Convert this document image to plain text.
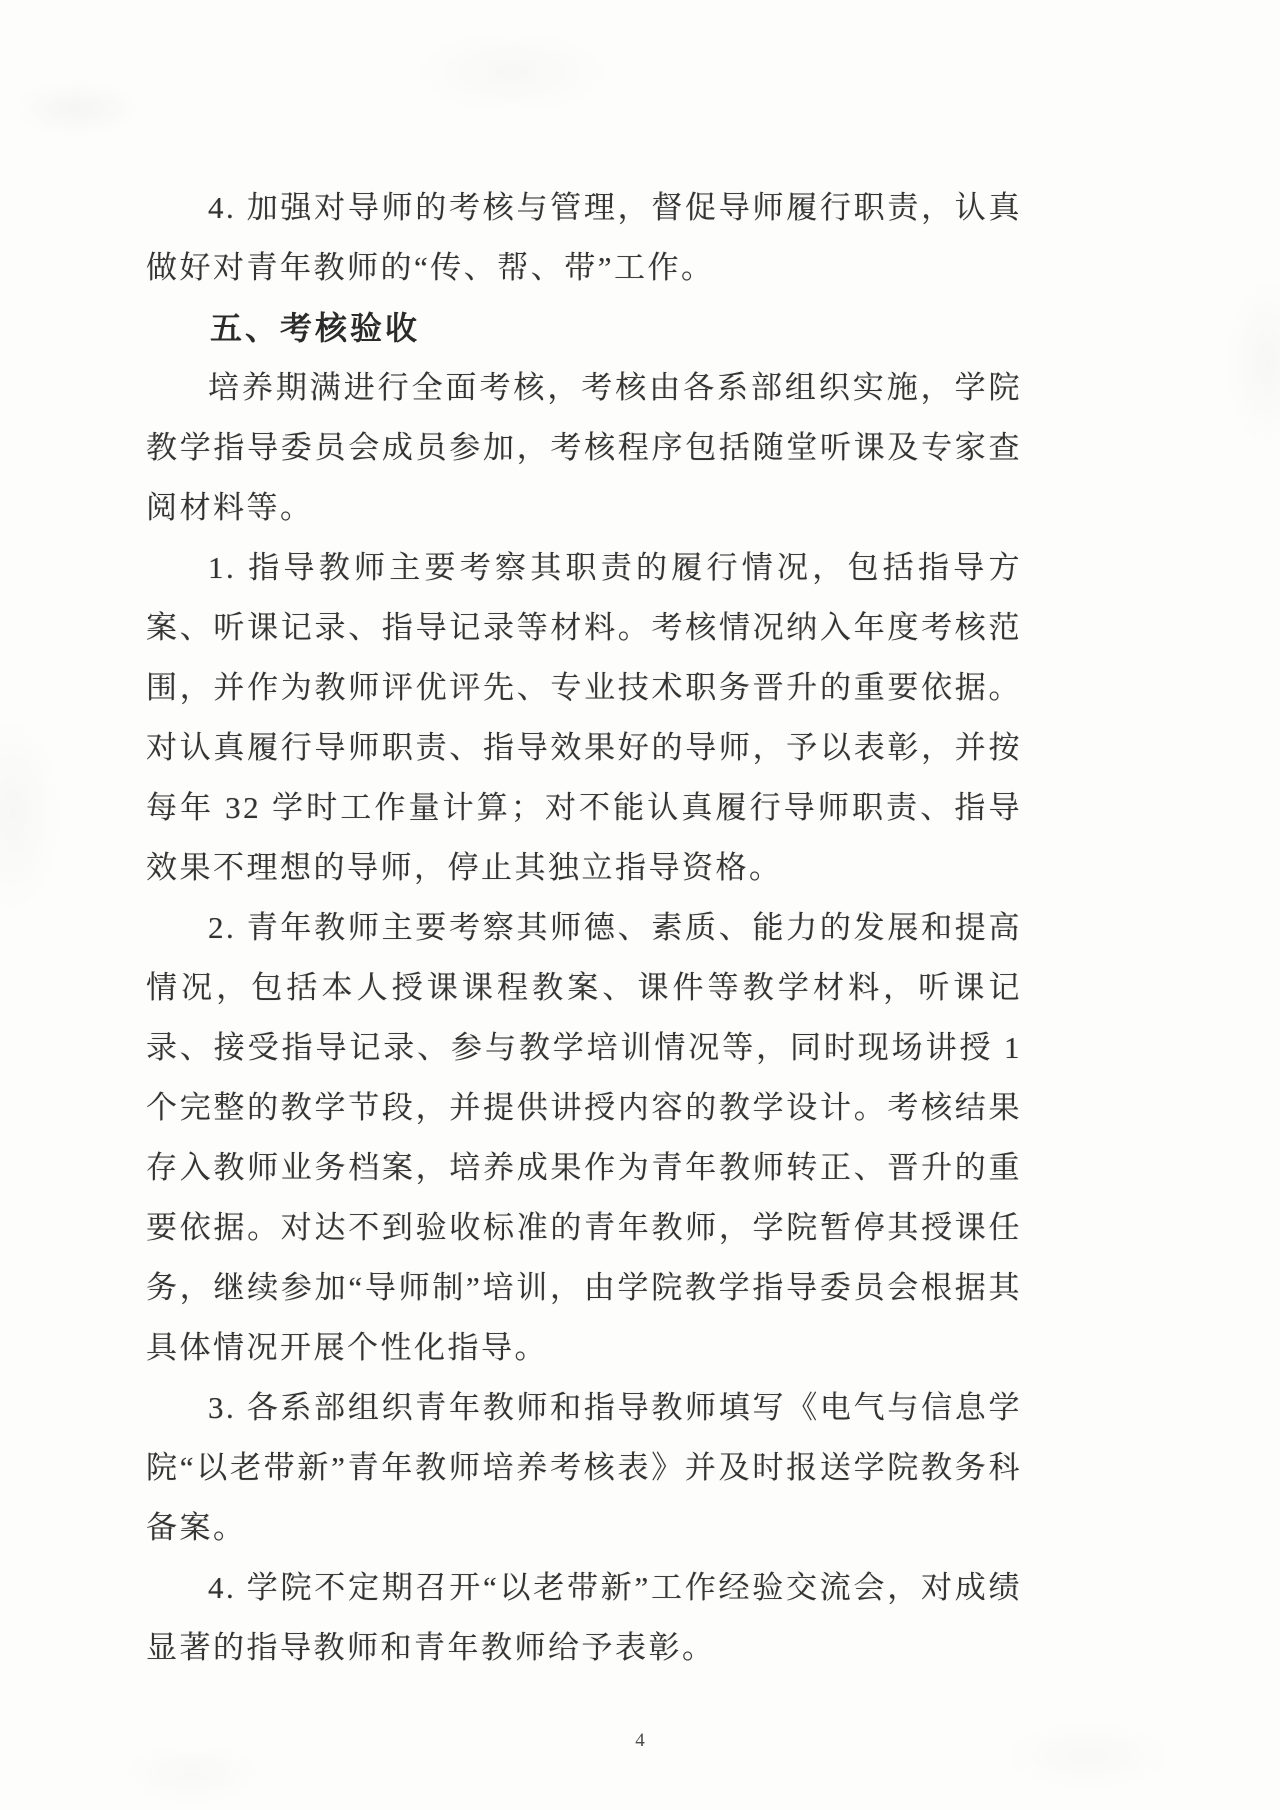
4. 加强对导师的考核与管理，督促导师履行职责，认真做好对青年教师的“传、帮、带”工作。

五、考核验收

培养期满进行全面考核，考核由各系部组织实施，学院教学指导委员会成员参加，考核程序包括随堂听课及专家查阅材料等。

1. 指导教师主要考察其职责的履行情况，包括指导方案、听课记录、指导记录等材料。考核情况纳入年度考核范围，并作为教师评优评先、专业技术职务晋升的重要依据。对认真履行导师职责、指导效果好的导师，予以表彰，并按每年 32 学时工作量计算；对不能认真履行导师职责、指导效果不理想的导师，停止其独立指导资格。

2. 青年教师主要考察其师德、素质、能力的发展和提高情况，包括本人授课课程教案、课件等教学材料，听课记录、接受指导记录、参与教学培训情况等，同时现场讲授 1 个完整的教学节段，并提供讲授内容的教学设计。考核结果存入教师业务档案，培养成果作为青年教师转正、晋升的重要依据。对达不到验收标准的青年教师，学院暂停其授课任务，继续参加“导师制”培训，由学院教学指导委员会根据其具体情况开展个性化指导。

3. 各系部组织青年教师和指导教师填写《电气与信息学院“以老带新”青年教师培养考核表》并及时报送学院教务科备案。

4. 学院不定期召开“以老带新”工作经验交流会，对成绩显著的指导教师和青年教师给予表彰。

4
